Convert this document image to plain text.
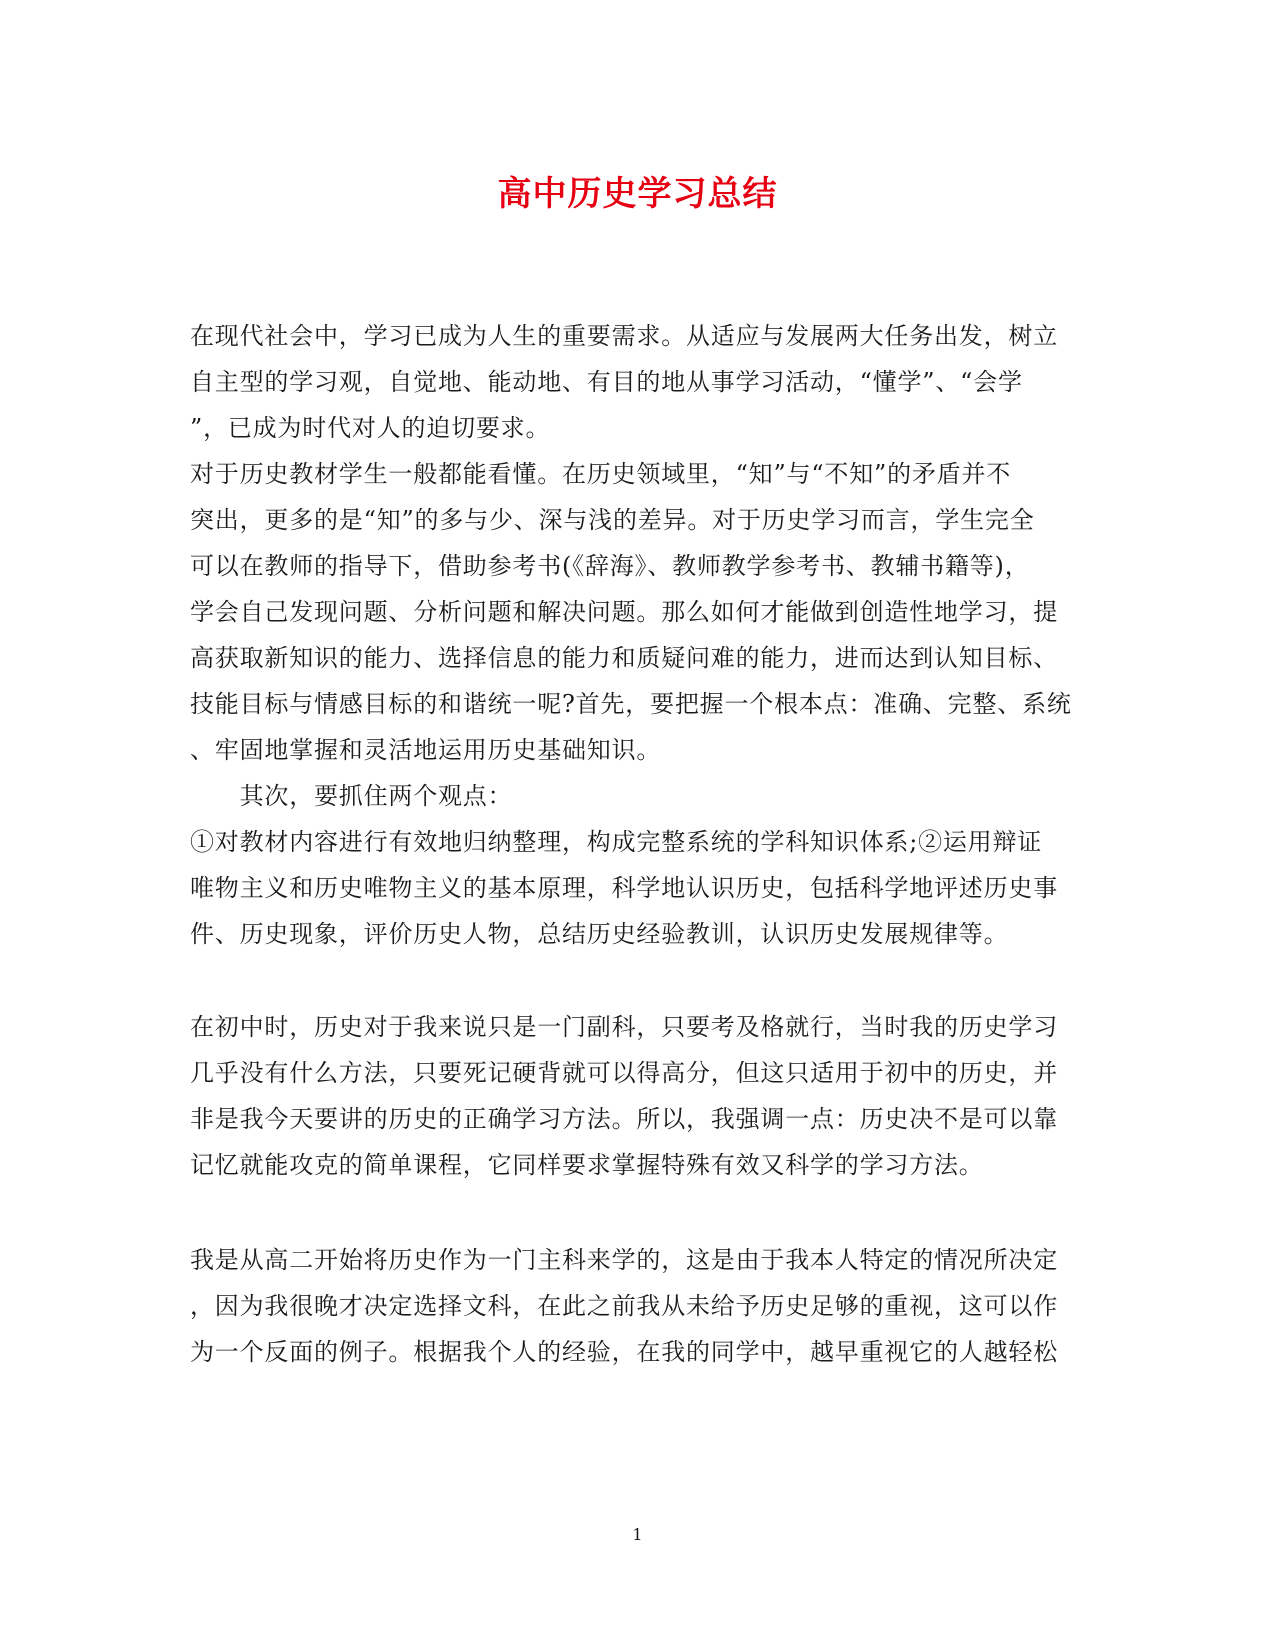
高中历史学习总结
在现代社会中，学习已成为人生的重要需求。从适应与发展两大任务出发，树立
自主型的学习观，自觉地、能动地、有目的地从事学习活动，“懂学”、“会学
”，已成为时代对人的迫切要求。
对于历史教材学生一般都能看懂。在历史领域里，“知”与“不知”的矛盾并不
突出，更多的是“知”的多与少、深与浅的差异。对于历史学习而言，学生完全
可以在教师的指导下，借助参考书(《辞海》、教师教学参考书、教辅书籍等)，
学会自己发现问题、分析问题和解决问题。那么如何才能做到创造性地学习，提
高获取新知识的能力、选择信息的能力和质疑问难的能力，进而达到认知目标、
技能目标与情感目标的和谐统一呢?首先，要把握一个根本点：准确、完整、系统
、牢固地掌握和灵活地运用历史基础知识。
　　其次，要抓住两个观点：
①对教材内容进行有效地归纳整理，构成完整系统的学科知识体系;②运用辩证
唯物主义和历史唯物主义的基本原理，科学地认识历史，包括科学地评述历史事
件、历史现象，评价历史人物，总结历史经验教训，认识历史发展规律等。
在初中时，历史对于我来说只是一门副科，只要考及格就行，当时我的历史学习
几乎没有什么方法，只要死记硬背就可以得高分，但这只适用于初中的历史，并
非是我今天要讲的历史的正确学习方法。所以，我强调一点：历史决不是可以靠
记忆就能攻克的简单课程，它同样要求掌握特殊有效又科学的学习方法。
我是从高二开始将历史作为一门主科来学的，这是由于我本人特定的情况所决定
，因为我很晚才决定选择文科，在此之前我从未给予历史足够的重视，这可以作
为一个反面的例子。根据我个人的经验，在我的同学中，越早重视它的人越轻松
1
